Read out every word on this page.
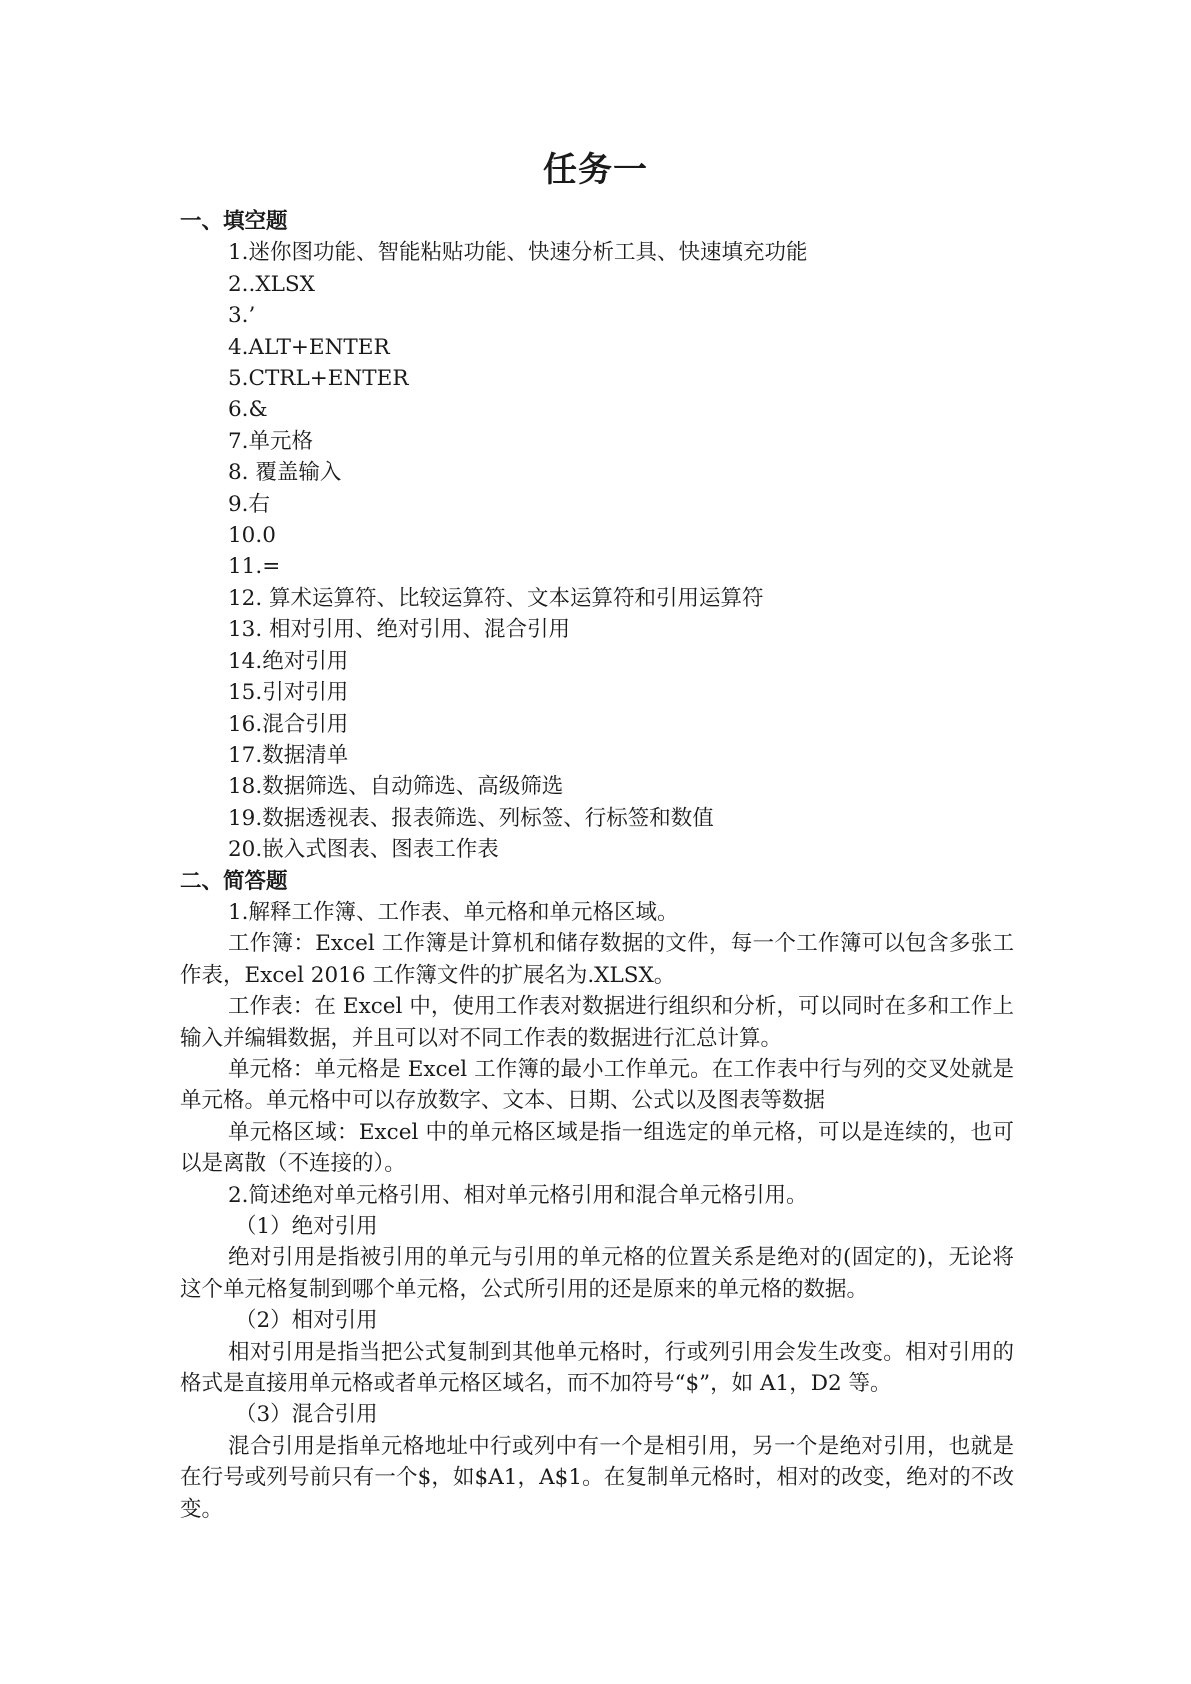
任务一
一、填空题
1.迷你图功能、智能粘贴功能、快速分析工具、快速填充功能
2..XLSX
3.’
4.ALT+ENTER
5.CTRL+ENTER
6.&
7.单元格
8. 覆盖输入
9.右
10.0
11.=
12. 算术运算符、比较运算符、文本运算符和引用运算符
13. 相对引用、绝对引用、混合引用
14.绝对引用
15.引对引用
16.混合引用
17.数据清单
18.数据筛选、自动筛选、高级筛选
19.数据透视表、报表筛选、列标签、行标签和数值
20.嵌入式图表、图表工作表
二、简答题
1.解释工作簿、工作表、单元格和单元格区域。
工作簿：Excel 工作簿是计算机和储存数据的文件，每一个工作簿可以包含多张工作表，Excel 2016 工作簿文件的扩展名为.XLSX。
工作表：在 Excel 中，使用工作表对数据进行组织和分析，可以同时在多和工作上输入并编辑数据，并且可以对不同工作表的数据进行汇总计算。
单元格：单元格是 Excel 工作簿的最小工作单元。在工作表中行与列的交叉处就是单元格。单元格中可以存放数字、文本、日期、公式以及图表等数据
单元格区域：Excel 中的单元格区域是指一组选定的单元格，可以是连续的，也可以是离散（不连接的）。
2.简述绝对单元格引用、相对单元格引用和混合单元格引用。
（1）绝对引用
绝对引用是指被引用的单元与引用的单元格的位置关系是绝对的(固定的)，无论将这个单元格复制到哪个单元格，公式所引用的还是原来的单元格的数据。
（2）相对引用
相对引用是指当把公式复制到其他单元格时，行或列引用会发生改变。相对引用的格式是直接用单元格或者单元格区域名，而不加符号“$”，如 A1，D2 等。
（3）混合引用
混合引用是指单元格地址中行或列中有一个是相引用，另一个是绝对引用，也就是在行号或列号前只有一个$，如$A1，A$1。在复制单元格时，相对的改变，绝对的不改变。
